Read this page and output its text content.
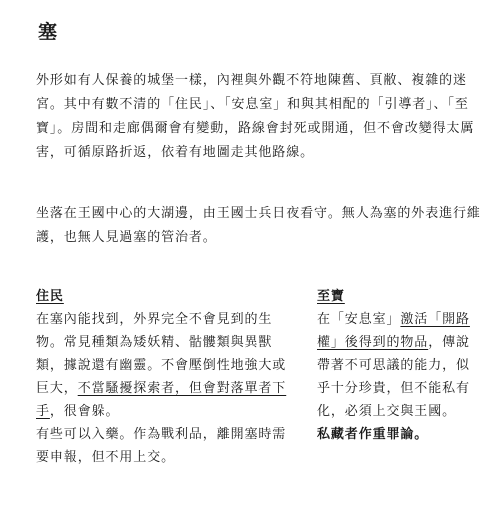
塞

外形如有人保養的城堡一樣，內裡與外觀不符地陳舊、頁敝、複雜的迷宮。其中有數不清的「住民」、「安息室」和與其相配的「引導者」、「至寶」。房間和走廊偶爾會有變動，路線會封死或開通，但不會改變得太厲害，可循原路折返，依着有地圖走其他路線。

坐落在王國中心的大湖邊，由王國士兵日夜看守。無人為塞的外表進行維護，也無人見過塞的管治者。

住民

在塞內能找到，外界完全不會見到的生物。常見種類為矮妖精、骷髏類與異獸類，據說還有幽靈。不會壓倒性地強大或巨大，不當騷擾探索者，但會對落單者下手，很會躲。

有些可以入藥。作為戰利品，離開塞時需要申報，但不用上交。

至寶

在「安息室」激活「開路權」後得到的物品，傳說帶著不可思議的能力，似乎十分珍貴，但不能私有化，必須上交與王國。

私藏者作重罪論。
